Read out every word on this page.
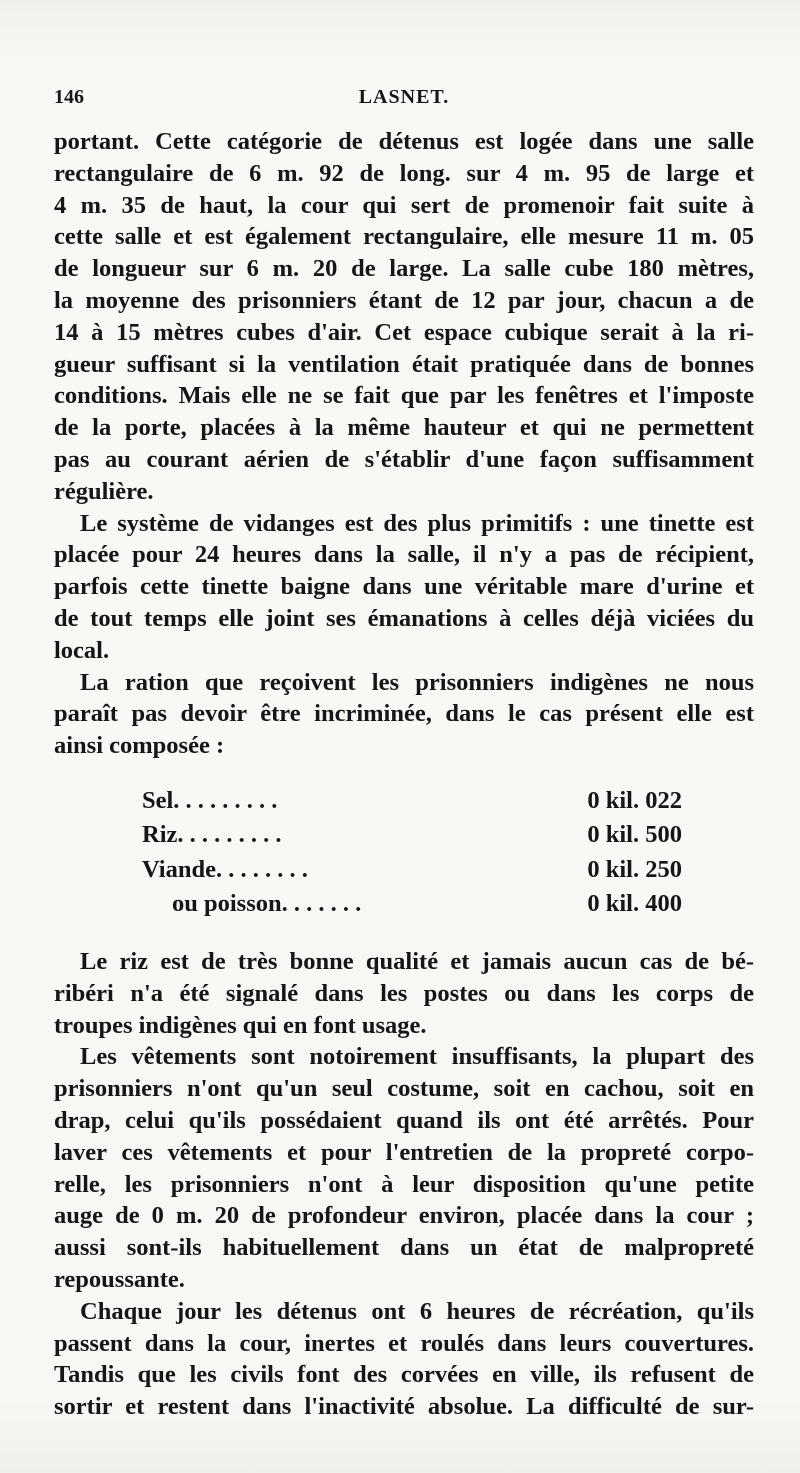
146	LASNET.

portant. Cette catégorie de détenus est logée dans une salle

rectangulaire de 6 m. 92 de long. sur 4 m. 95 de large et

4 m. 35 de haut, la cour qui sert de promenoir fait suite à

cette salle et est également rectangulaire, elle mesure 11 m. 05

de longueur sur 6 m. 20 de large. La salle cube 180 mètres,

la moyenne des prisonniers étant de 12 par jour, chacun a de

14 à 15 mètres cubes d'air. Cet espace cubique serait à la ri-

gueur suffisant si la ventilation était pratiquée dans de bonnes

conditions. Mais elle ne se fait que par les fenêtres et l'imposte

de la porte, placées à la même hauteur et qui ne permettent

pas au courant aérien de s'établir d'une façon suffisamment

régulière.

Le système de vidanges est des plus primitifs : une tinette est

placée pour 24 heures dans la salle, il n'y a pas de récipient,

parfois cette tinette baigne dans une véritable mare d'urine et

de tout temps elle joint ses émanations à celles déjà viciées du

local.

La ration que reçoivent les prisonniers indigènes ne nous

paraît pas devoir être incriminée, dans le cas présent elle est

ainsi composée :

Sel. . . . . . . . .	0 kil. 022
Riz. . . . . . . . .	0 kil. 500
Viande. . . . . . . .	0 kil. 250
ou poisson. . . . . . .	0 kil. 400

Le riz est de très bonne qualité et jamais aucun cas de bé-

ribéri n'a été signalé dans les postes ou dans les corps de

troupes indigènes qui en font usage.

Les vêtements sont notoirement insuffisants, la plupart des

prisonniers n'ont qu'un seul costume, soit en cachou, soit en

drap, celui qu'ils possédaient quand ils ont été arrêtés. Pour

laver ces vêtements et pour l'entretien de la propreté corpo-

relle, les prisonniers n'ont à leur disposition qu'une petite

auge de 0 m. 20 de profondeur environ, placée dans la cour ;

aussi sont-ils habituellement dans un état de malpropreté

repoussante.

Chaque jour les détenus ont 6 heures de récréation, qu'ils

passent dans la cour, inertes et roulés dans leurs couvertures.

Tandis que les civils font des corvées en ville, ils refusent de

sortir et restent dans l'inactivité absolue. La difficulté de sur-
